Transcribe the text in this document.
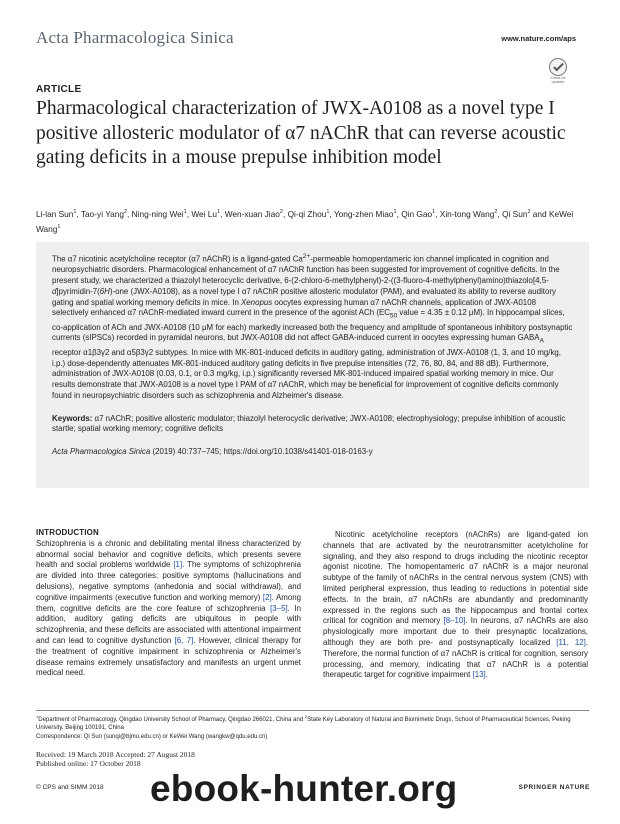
Acta Pharmacologica Sinica	www.nature.com/aps
Check for updates
ARTICLE
Pharmacological characterization of JWX-A0108 as a novel type I positive allosteric modulator of α7 nAChR that can reverse acoustic gating deficits in a mouse prepulse inhibition model
Li-lan Sun$^1$, Tao-yi Yang$^2$, Ning-ning Wei$^1$, Wei Lu$^1$, Wen-xuan Jiao$^2$, Qi-qi Zhou$^1$, Yong-zhen Miao$^1$, Qin Gao$^1$, Xin-tong Wang$^2$, Qi Sun$^2$ and KeWei Wang$^1$

The α7 nicotinic acetylcholine receptor (α7 nAChR) is a ligand-gated $Ca^{2+}$-permeable homopentameric ion channel implicated in cognition and neuropsychiatric disorders. Pharmacological enhancement of α7 nAChR function has been suggested for improvement of cognitive deficits. In the present study, we characterized a thiazolyl heterocyclic derivative, 6-(2-chloro-6-methylphenyl)-2-((3-fluoro-4-methylphenyl)amino)thiazolo[4,5-d]pyrimidin-7(6H)-one (JWX-A0108), as a novel type I α7 nAChR positive allosteric modulator (PAM), and evaluated its ability to reverse auditory gating and spatial working memory deficits in mice. In Xenopus oocytes expressing human α7 nAChR channels, application of JWX-A0108 selectively enhanced α7 nAChR-mediated inward current in the presence of the agonist ACh ($EC_{50}$ value = 4.35 ± 0.12 μM). In hippocampal slices, co-application of ACh and JWX-A0108 (10 μM for each) markedly increased both the frequency and amplitude of spontaneous inhibitory postsynaptic currents (sIPSCs) recorded in pyramidal neurons, but JWX-A0108 did not affect GABA-induced current in oocytes expressing human $GABA_A$ receptor α1β3γ2 and α5β3γ2 subtypes. In mice with MK-801-induced deficits in auditory gating, administration of JWX-A0108 (1, 3, and 10 mg/kg, i.p.) dose-dependently attenuates MK-801-induced auditory gating deficits in five prepulse intensities (72, 76, 80, 84, and 88 dB). Furthermore, administration of JWX-A0108 (0.03, 0.1, or 0.3 mg/kg, i.p.) significantly reversed MK-801-induced impaired spatial working memory in mice. Our results demonstrate that JWX-A0108 is a novel type I PAM of α7 nAChR, which may be beneficial for improvement of cognitive deficits commonly found in neuropsychiatric disorders such as schizophrenia and Alzheimer's disease.

Keywords: α7 nAChR; positive allosteric modulator; thiazolyl heterocyclic derivative; JWX-A0108; electrophysiology; prepulse inhibition of acoustic startle; spatial working memory; cognitive deficits

Acta Pharmacologica Sinica (2019) 40:737–745; https://doi.org/10.1038/s41401-018-0163-y

INTRODUCTION

Schizophrenia is a chronic and debilitating mental illness characterized by abnormal social behavior and cognitive deficits, which presents severe health and social problems worldwide [1]. The symptoms of schizophrenia are divided into three categories: positive symptoms (hallucinations and delusions), negative symptoms (anhedonia and social withdrawal), and cognitive impairments (executive function and working memory) [2]. Among them, cognitive deficits are the core feature of schizophrenia [3–5]. In addition, auditory gating deficits are ubiquitous in people with schizophrenia, and these deficits are associated with attentional impairment and can lead to cognitive dysfunction [6, 7]. However, clinical therapy for the treatment of cognitive impairment in schizophrenia or Alzheimer's disease remains extremely unsatisfactory and manifests an urgent unmet medical need.

Nicotinic acetylcholine receptors (nAChRs) are ligand-gated ion channels that are activated by the neurotransmitter acetylcholine for signaling, and they also respond to drugs including the nicotinic receptor agonist nicotine. The homopentameric α7 nAChR is a major neuronal subtype of the family of nAChRs in the central nervous system (CNS) with limited peripheral expression, thus leading to reductions in potential side effects. In the brain, α7 nAChRs are abundantly and predominantly expressed in the regions such as the hippocampus and frontal cortex critical for cognition and memory [8–10]. In neurons, α7 nAChRs are also physiologically more important due to their presynaptic localizations, although they are both pre- and postsynaptically localized [11, 12]. Therefore, the normal function of α7 nAChR is critical for cognition, sensory processing, and memory, indicating that α7 nAChR is a potential therapeutic target for cognitive impairment [13].

$^1$Department of Pharmacology, Qingdao University School of Pharmacy, Qingdao 266021, China and $^2$State Key Laboratory of Natural and Biomimetic Drugs, School of Pharmaceutical Sciences, Peking University, Beijing 100191, China
Correspondence: Qi Sun (sunqi@bjmu.edu.cn) or KeWei Wang (wangkw@qdu.edu.cn)
Received: 19 March 2018 Accepted: 27 August 2018
Published online: 17 October 2018
© CPS and SIMM 2018	SPRINGER NATURE
ebook-hunter.org
